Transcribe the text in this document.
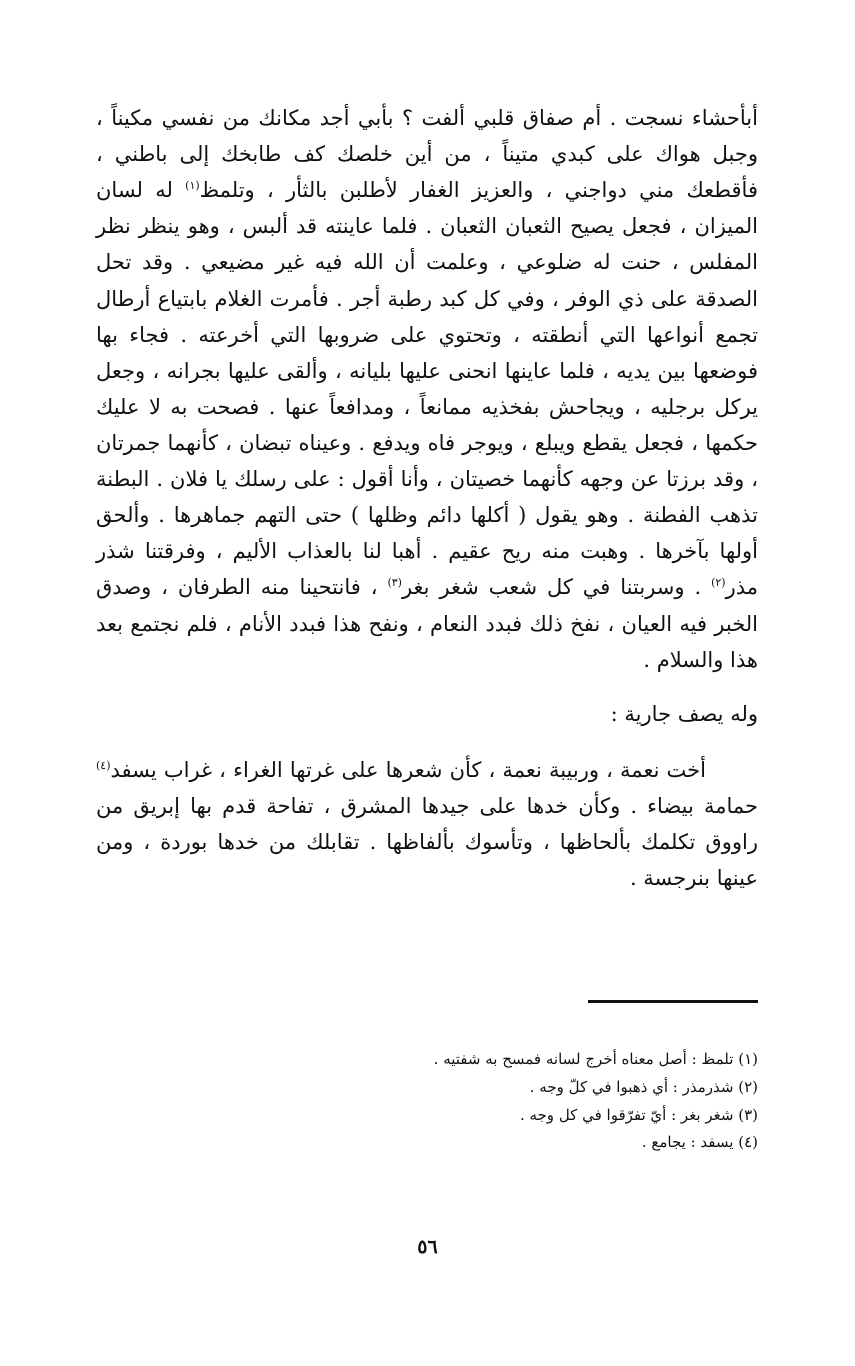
أبأحشاء نسجت . أم صفاق قلبي ألفت ؟ بأبي أجد مكانك من نفسي مكيناً ، وجبل هواك على كبدي متيناً ، من أين خلصك كف طابخك إلى باطني ، فأقطعك مني دواجني ، والعزيز الغفار لأطلبن بالثأر ، وتلمظ$^{(١)}$ له لسان الميزان ، فجعل يصيح الثعبان الثعبان . فلما عاينته قد ألبس ، وهو ينظر نظر المفلس ، حنت له ضلوعي ، وعلمت أن الله فيه غير مضيعي . وقد تحل الصدقة على ذي الوفر ، وفي كل كبد رطبة أجر . فأمرت الغلام بابتياع أرطال تجمع أنواعها التي أنطقته ، وتحتوي على ضروبها التي أخرعته . فجاء بها فوضعها بين يديه ، فلما عاينها انحنى عليها بليانه ، وألقى عليها بجرانه ، وجعل يركل برجليه ، ويجاحش بفخذيه ممانعاً ، ومدافعاً عنها . فصحت به لا عليك حكمها ، فجعل يقطع ويبلع ، ويوجر فاه ويدفع . وعيناه تبضان ، كأنهما جمرتان ، وقد برزتا عن وجهه كأنهما خصيتان ، وأنا أقول : على رسلك يا فلان . البطنة تذهب الفطنة . وهو يقول ( أكلها دائم وظلها ) حتى التهم جماهرها . وألحق أولها بآخرها . وهبت منه ريح عقيم . أهبا لنا بالعذاب الأليم ، وفرقتنا شذر مذر$^{(٢)}$ . وسربتنا في كل شعب شغر بغر$^{(٣)}$ ، فانتحينا منه الطرفان ، وصدق الخبر فيه العيان ، نفخ ذلك فبدد النعام ، ونفح هذا فبدد الأنام ، فلم نجتمع بعد هذا والسلام .

وله يصف جارية :

أخت نعمة ، وربيبة نعمة ، كأن شعرها على غرتها الغراء ، غراب يسفد$^{(٤)}$ حمامة بيضاء . وكأن خدها على جيدها المشرق ، تفاحة قدم بها إبريق من راووق تكلمك بألحاظها ، وتأسوك بألفاظها . تقابلك من خدها بوردة ، ومن عينها بنرجسة .

(١) تلمظ : أصل معناه أخرج لسانه فمسح به شفتيه .

(٢) شذرمذر : أي ذهبوا في كلّ وجه .

(٣) شغر بغر : أيّ تفرّقوا في كل وجه .

(٤) يسفد : يجامع .

٥٦
